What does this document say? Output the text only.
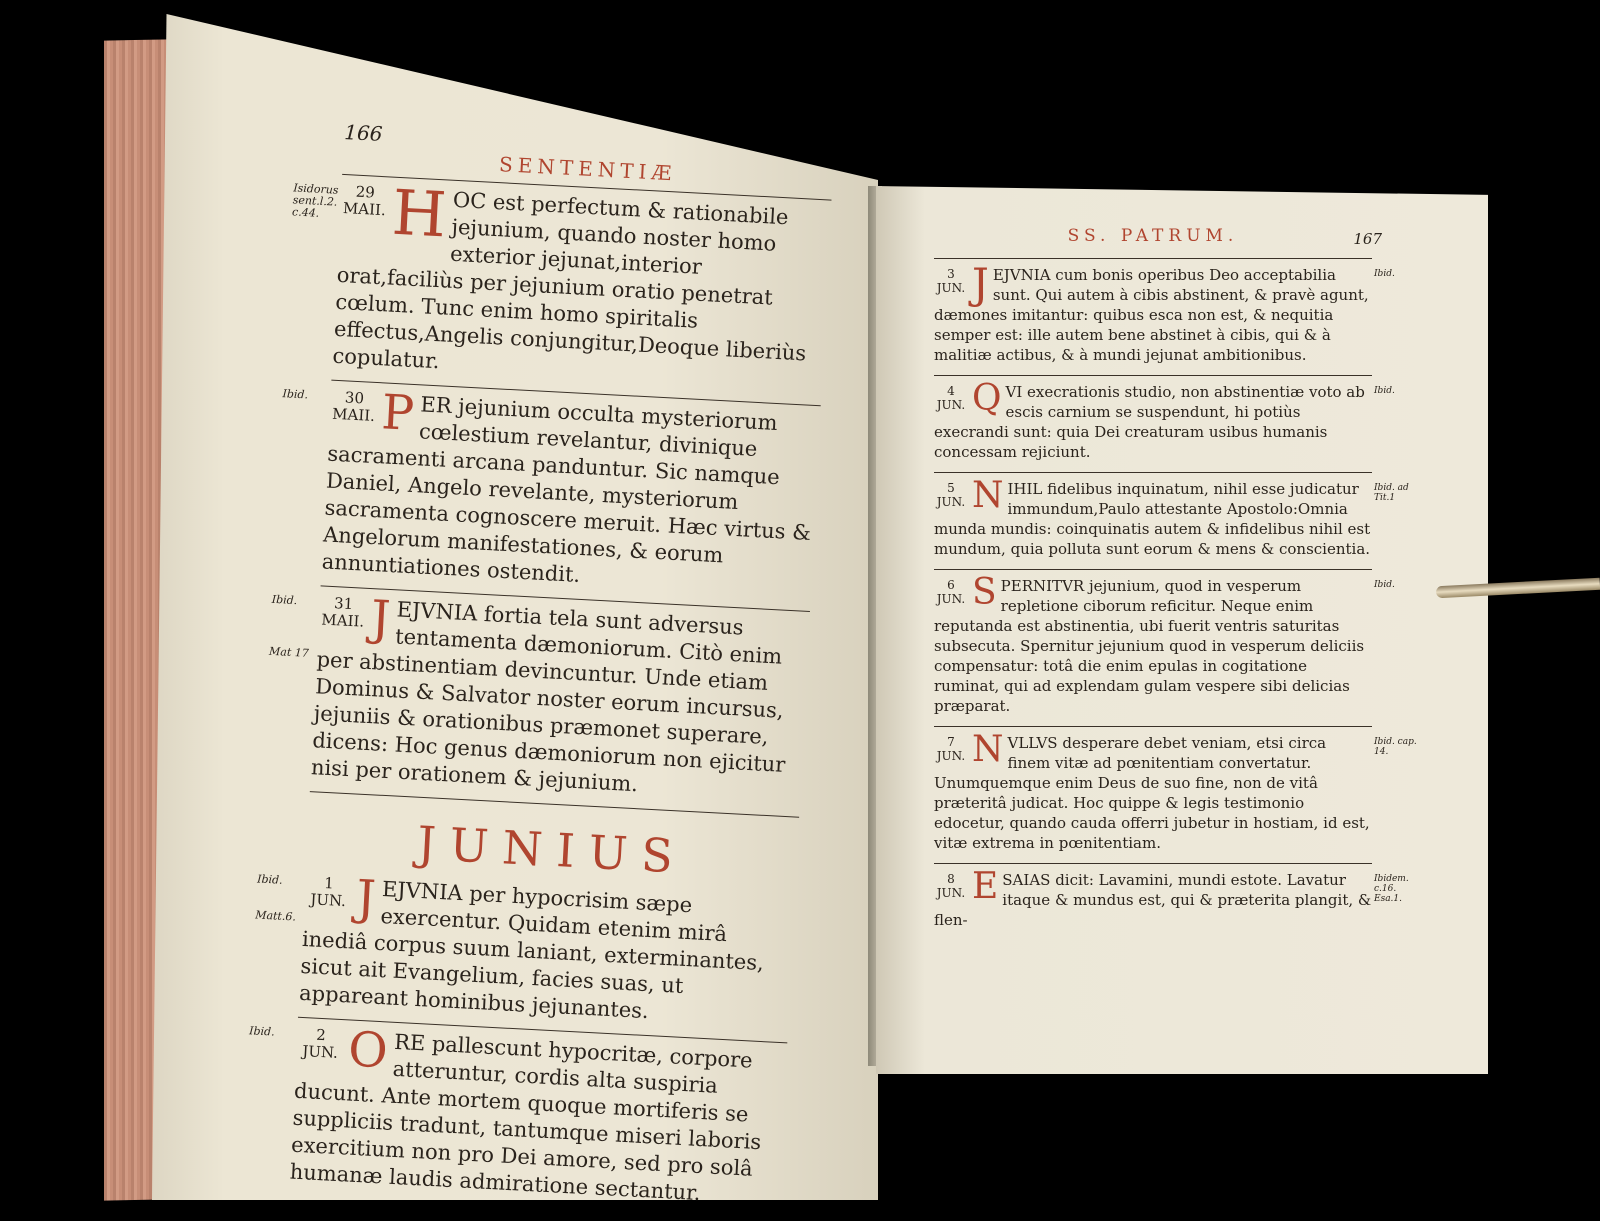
166
SENTENTIÆ
Isidorus sent.l.2. c.44.
29 MAII. H OC est perfectum & rationabile jejunium, quando noster homo exterior jejunat,interior orat,faciliùs per jejunium oratio penetrat cœlum. Tunc enim homo spiritalis effectus,Angelis conjungitur,Deoque liberiùs copulatur.
Ibid.	30 MAII. P ER jejunium occulta mysteriorum cœlestium revelantur, divinique sacramenti arcana panduntur. Sic namque Daniel, Angelo revelante, mysteriorum sacramenta cognoscere meruit. Hæc virtus & Angelorum manifestationes, & eorum annuntiationes ostendit.
Ibid.
Mat 17
31 MAII. J EJVNIA fortia tela sunt adversus tentamenta dæmoniorum. Citò enim per abstinentiam devincuntur. Unde etiam Dominus & Salvator noster eorum incursus, jejuniis & orationibus præmonet superare, dicens: Hoc genus dæmoniorum non ejicitur nisi per orationem & jejunium.
JUNIUS
Ibid.
Matt.6.
1 JUN. J EJVNIA per hypocrisim sæpe exercentur. Quidam etenim mirâ inediâ corpus suum laniant, exterminantes, sicut ait Evangelium, facies suas, ut appareant hominibus jejunantes.
Ibid.	2 JUN. O RE pallescunt hypocritæ, corpore atteruntur, cordis alta suspiria ducunt. Ante mortem quoque mortiferis se suppliciis tradunt, tantumque miseri laboris exercitium non pro Dei amore, sed pro solâ humanæ laudis admiratione sectantur.
SS. PATRUM.	167
Ibid.
3 JUN. J EJVNIA cum bonis operibus Deo acceptabilia sunt. Qui autem à cibis abstinent, & pravè agunt, dæmones imitantur: quibus esca non est, & nequitia semper est: ille autem bene abstinet à cibis, qui & à malitiæ actibus, & à mundi jejunat ambitionibus.
Ibid.
4 JUN. Q VI execrationis studio, non abstinentiæ voto ab escis carnium se suspendunt, hi potiùs execrandi sunt: quia Dei creaturam usibus humanis concessam rejiciunt.
Ibid. ad Tit.1
5 JUN. N IHIL fidelibus inquinatum, nihil esse judicatur immundum,Paulo attestante Apostolo:Omnia munda mundis: coinquinatis autem & infidelibus nihil est mundum, quia polluta sunt eorum & mens & conscientia.
Ibid.
6 JUN. S PERNITVR jejunium, quod in vesperum repletione ciborum reficitur. Neque enim reputanda est abstinentia, ubi fuerit ventris saturitas subsecuta. Spernitur jejunium quod in vesperum deliciis compensatur: totâ die enim epulas in cogitatione ruminat, qui ad explendam gulam vespere sibi delicias præparat.
Ibid. cap. 14.
7 JUN. N VLLVS desperare debet veniam, etsi circa finem vitæ ad pœnitentiam convertatur. Unumquemque enim Deus de suo fine, non de vitâ præteritâ judicat. Hoc quippe & legis testimonio edocetur, quando cauda offerri jubetur in hostiam, id est, vitæ extrema in pœnitentiam.
Ibidem. c.16. Esa.1.
8 JUN. E SAIAS dicit: Lavamini, mundi estote. Lavatur itaque & mundus est, qui & præterita plangit, & flen-
